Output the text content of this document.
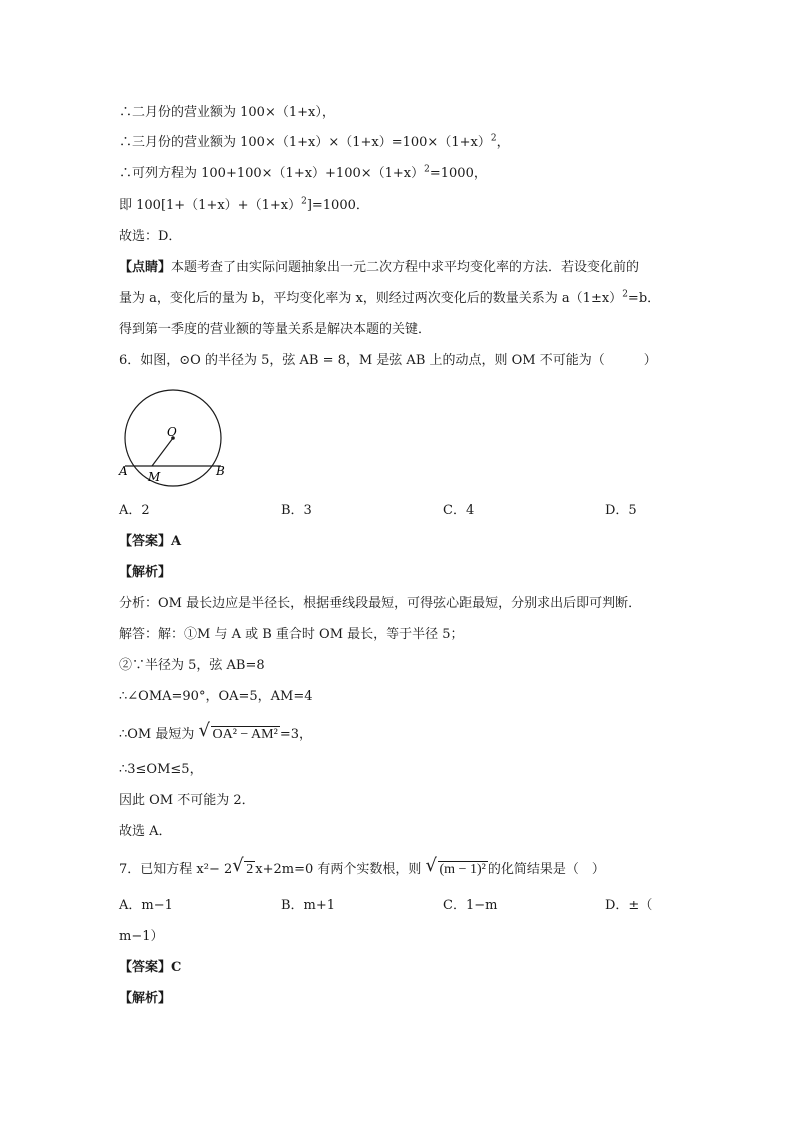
∴二月份的营业额为 100×（1+x），
∴三月份的营业额为 $100\times(1+x)\times(1+x)=100\times(1+x)^2$，
∴可列方程为 $100+100\times(1+x)+100\times(1+x)^2=1000$，
即 $100[1+(1+x)+(1+x)^2]=1000$．
故选：D．
【点睛】本题考查了由实际问题抽象出一元二次方程中求平均变化率的方法．若设变化前的
量为 a，变化后的量为 b，平均变化率为 x，则经过两次变化后的数量关系为 $a(1\pm x)^2=b$．
得到第一季度的营业额的等量关系是解决本题的关键．
6．如图，⊙O 的半径为 5，弦 AB = 8，M 是弦 AB 上的动点，则 OM 不可能为（　　　）
O
A M	B
A．2	B．3	C．4	D．5
【答案】A
【解析】
分析：OM 最长边应是半径长，根据垂线段最短，可得弦心距最短，分别求出后即可判断．
解答：解：①M 与 A 或 B 重合时 OM 最长，等于半径 5；
②∵半径为 5，弦 AB=8
∴∠OMA=90°，OA=5，AM=4
∴OM 最短为 √ OA² − AM² =3，
∴3≤OM≤5，
因此 OM 不可能为 2．
故选 A．
7．已知方程 x²− 2 √ 2 x+2m=0 有两个实数根，则 √ (m − 1)² 的化简结果是（　）
A．m−1	B．m+1	C．1−m	D．±（
m−1）
【答案】C
【解析】
